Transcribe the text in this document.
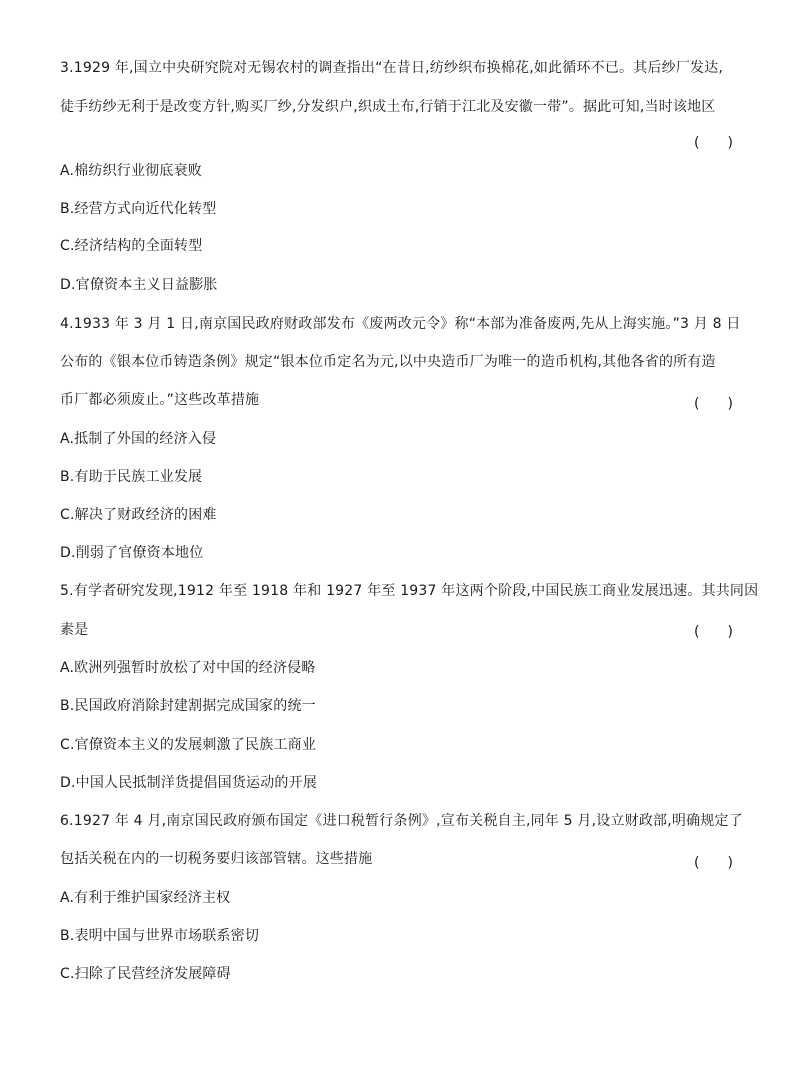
3.1929 年,国立中央研究院对无锡农村的调查指出“在昔日,纺纱织布换棉花,如此循环不已。其后纱厂发达,
徒手纺纱无利于是改变方针,购买厂纱,分发织户,织成土布,行销于江北及安徽一带”。据此可知,当时该地区
(　　)
A.棉纺织行业彻底衰败
B.经营方式向近代化转型
C.经济结构的全面转型
D.官僚资本主义日益膨胀
4.1933 年 3 月 1 日,南京国民政府财政部发布《废两改元令》称“本部为准备废两,先从上海实施。”3 月 8 日
公布的《银本位币铸造条例》规定“银本位币定名为元,以中央造币厂为唯一的造币机构,其他各省的所有造
币厂都必须废止。”这些改革措施	(　　)
A.抵制了外国的经济入侵
B.有助于民族工业发展
C.解决了财政经济的困难
D.削弱了官僚资本地位
5.有学者研究发现,1912 年至 1918 年和 1927 年至 1937 年这两个阶段,中国民族工商业发展迅速。其共同因
素是	(　　)
A.欧洲列强暂时放松了对中国的经济侵略
B.民国政府消除封建割据完成国家的统一
C.官僚资本主义的发展刺激了民族工商业
D.中国人民抵制洋货提倡国货运动的开展
6.1927 年 4 月,南京国民政府颁布国定《进口税暂行条例》,宣布关税自主,同年 5 月,设立财政部,明确规定了
包括关税在内的一切税务要归该部管辖。这些措施	(　　)
A.有利于维护国家经济主权
B.表明中国与世界市场联系密切
C.扫除了民营经济发展障碍
